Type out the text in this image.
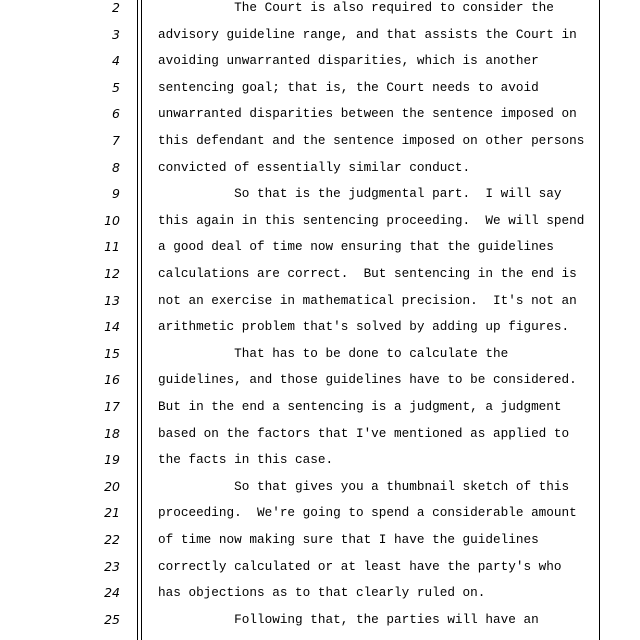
2	The Court is also required to consider the
3	advisory guideline range, and that assists the Court in
4	avoiding unwarranted disparities, which is another
5	sentencing goal; that is, the Court needs to avoid
6	unwarranted disparities between the sentence imposed on
7	this defendant and the sentence imposed on other persons
8	convicted of essentially similar conduct.
9	So that is the judgmental part.  I will say
10	this again in this sentencing proceeding.  We will spend
11	a good deal of time now ensuring that the guidelines
12	calculations are correct.  But sentencing in the end is
13	not an exercise in mathematical precision.  It's not an
14	arithmetic problem that's solved by adding up figures.
15	That has to be done to calculate the
16	guidelines, and those guidelines have to be considered.
17	But in the end a sentencing is a judgment, a judgment
18	based on the factors that I've mentioned as applied to
19	the facts in this case.
20	So that gives you a thumbnail sketch of this
21	proceeding.  We're going to spend a considerable amount
22	of time now making sure that I have the guidelines
23	correctly calculated or at least have the party's who
24	has objections as to that clearly ruled on.
25	Following that, the parties will have an
